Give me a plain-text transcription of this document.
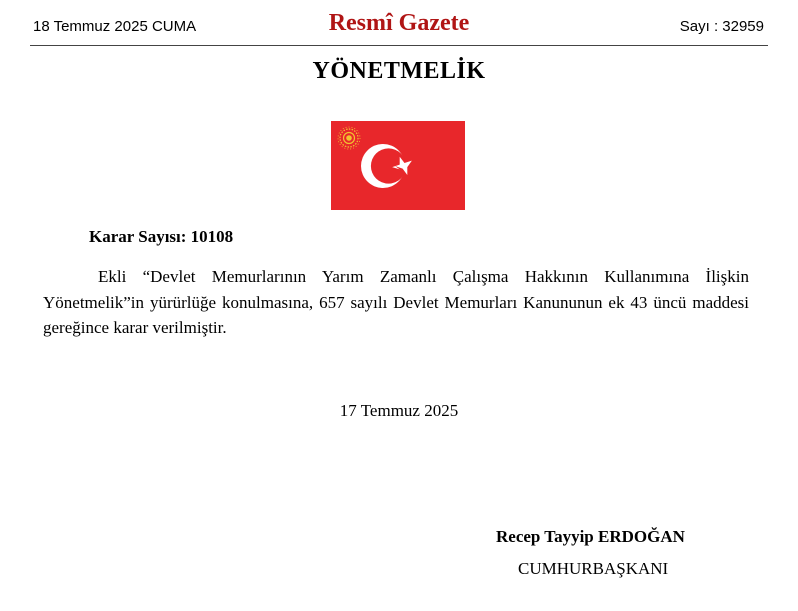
18 Temmuz 2025 CUMA	Resmî Gazete	Sayı : 32959
YÖNETMELİK
Karar Sayısı: 10108

Ekli “Devlet Memurlarının Yarım Zamanlı Çalışma Hakkının Kullanımına İlişkin Yönetmelik”in yürürlüğe konulmasına, 657 sayılı Devlet Memurları Kanununun ek 43 üncü maddesi gereğince karar verilmiştir.

17 Temmuz 2025
Recep Tayyip ERDOĞAN
CUMHURBAŞKANI
